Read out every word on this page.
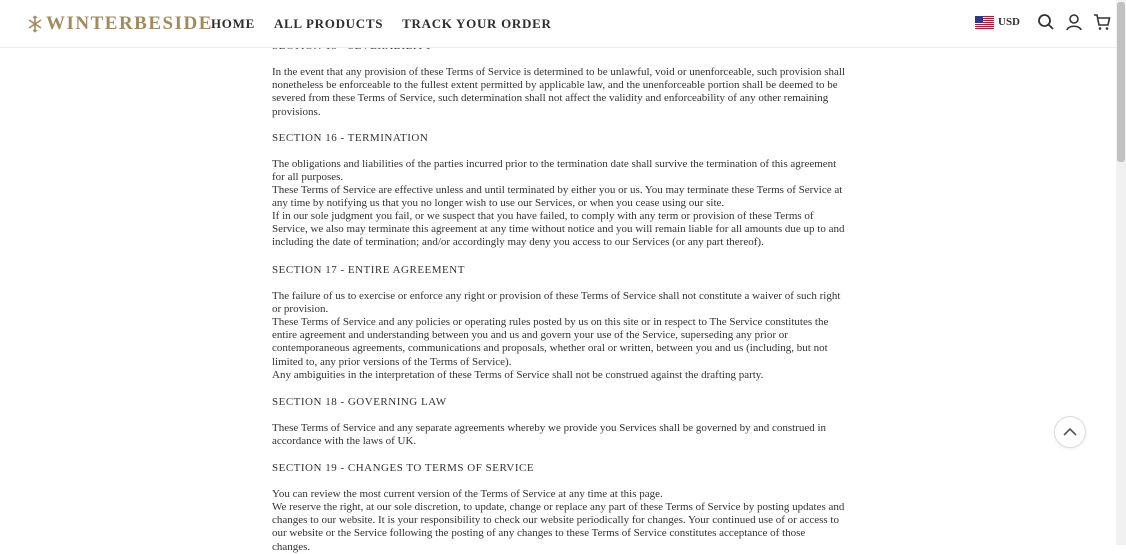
WINTERBESIDE
HOME ALL PRODUCTS TRACK YOUR ORDER	USD
In the event that any provision of these Terms of Service is determined to be unlawful, void or unenforceable, such provision shall nonetheless be enforceable to the fullest extent permitted by applicable law, and the unenforceable portion shall be deemed to be severed from these Terms of Service, such determination shall not affect the validity and enforceability of any other remaining provisions.
SECTION 16 - TERMINATION
The obligations and liabilities of the parties incurred prior to the termination date shall survive the termination of this agreement for all purposes.
These Terms of Service are effective unless and until terminated by either you or us. You may terminate these Terms of Service at any time by notifying us that you no longer wish to use our Services, or when you cease using our site.
If in our sole judgment you fail, or we suspect that you have failed, to comply with any term or provision of these Terms of Service, we also may terminate this agreement at any time without notice and you will remain liable for all amounts due up to and including the date of termination; and/or accordingly may deny you access to our Services (or any part thereof).
SECTION 17 - ENTIRE AGREEMENT
The failure of us to exercise or enforce any right or provision of these Terms of Service shall not constitute a waiver of such right or provision.
These Terms of Service and any policies or operating rules posted by us on this site or in respect to The Service constitutes the entire agreement and understanding between you and us and govern your use of the Service, superseding any prior or contemporaneous agreements, communications and proposals, whether oral or written, between you and us (including, but not limited to, any prior versions of the Terms of Service).
Any ambiguities in the interpretation of these Terms of Service shall not be construed against the drafting party.
SECTION 18 - GOVERNING LAW
These Terms of Service and any separate agreements whereby we provide you Services shall be governed by and construed in accordance with the laws of UK.
SECTION 19 - CHANGES TO TERMS OF SERVICE
You can review the most current version of the Terms of Service at any time at this page.
We reserve the right, at our sole discretion, to update, change or replace any part of these Terms of Service by posting updates and changes to our website. It is your responsibility to check our website periodically for changes. Your continued use of or access to our website or the Service following the posting of any changes to these Terms of Service constitutes acceptance of those changes.
